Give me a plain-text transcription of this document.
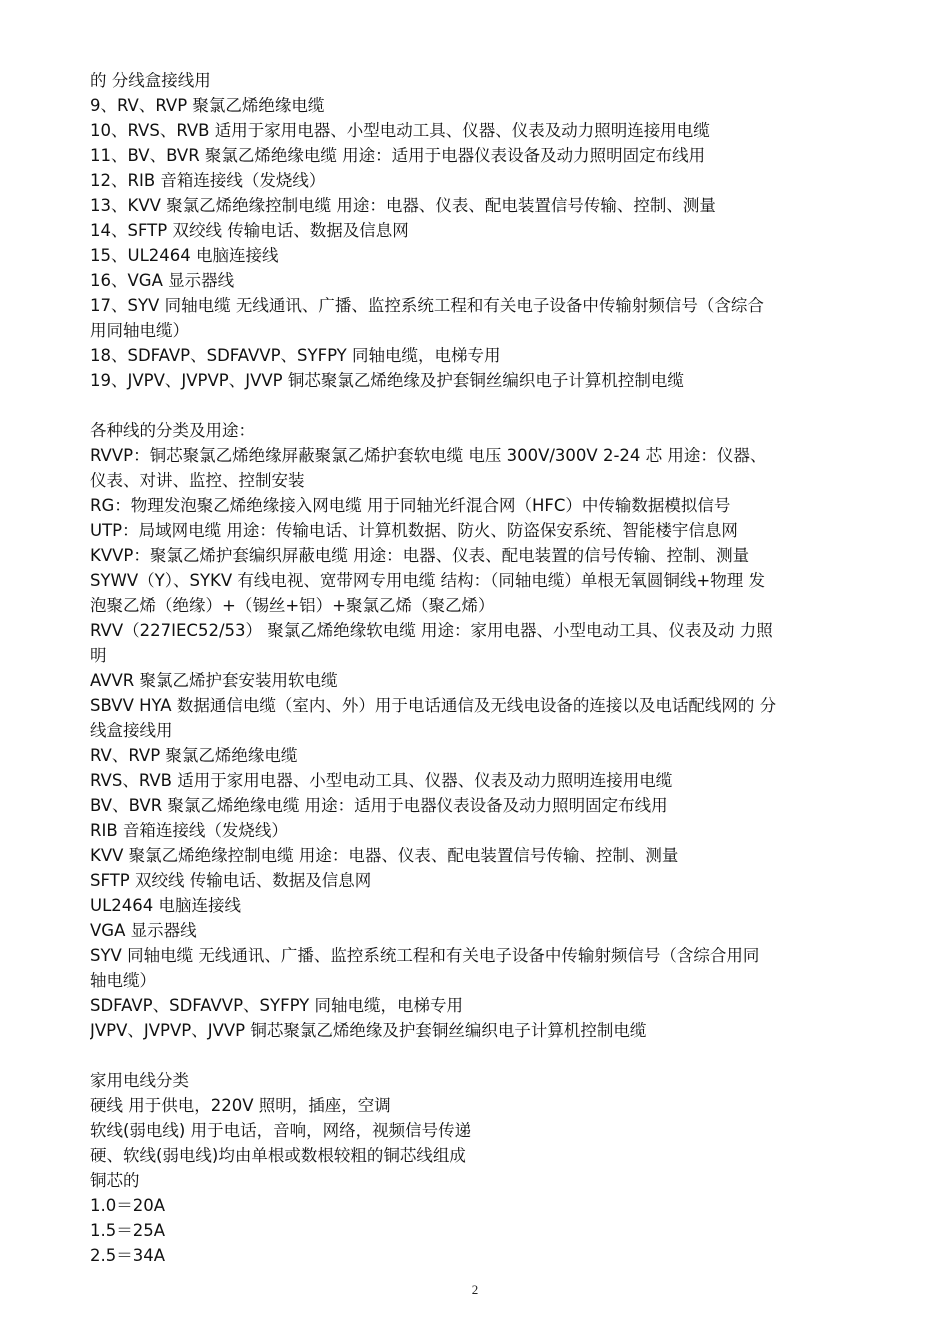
的 分线盒接线用
9、RV、RVP 聚氯乙烯绝缘电缆
10、RVS、RVB 适用于家用电器、小型电动工具、仪器、仪表及动力照明连接用电缆
11、BV、BVR 聚氯乙烯绝缘电缆 用途：适用于电器仪表设备及动力照明固定布线用
12、RIB 音箱连接线（发烧线）
13、KVV 聚氯乙烯绝缘控制电缆 用途：电器、仪表、配电装置信号传输、控制、测量
14、SFTP 双绞线 传输电话、数据及信息网
15、UL2464 电脑连接线
16、VGA 显示器线
17、SYV 同轴电缆 无线通讯、广播、监控系统工程和有关电子设备中传输射频信号（含综合
用同轴电缆）
18、SDFAVP、SDFAVVP、SYFPY 同轴电缆，电梯专用
19、JVPV、JVPVP、JVVP 铜芯聚氯乙烯绝缘及护套铜丝编织电子计算机控制电缆
各种线的分类及用途：
RVVP：铜芯聚氯乙烯绝缘屏蔽聚氯乙烯护套软电缆 电压 300V/300V 2-24 芯 用途：仪器、
仪表、对讲、监控、控制安装
RG：物理发泡聚乙烯绝缘接入网电缆 用于同轴光纤混合网（HFC）中传输数据模拟信号
UTP：局域网电缆 用途：传输电话、计算机数据、防火、防盗保安系统、智能楼宇信息网
KVVP：聚氯乙烯护套编织屏蔽电缆 用途：电器、仪表、配电装置的信号传输、控制、测量
SYWV（Y）、SYKV 有线电视、宽带网专用电缆 结构：（同轴电缆）单根无氧圆铜线+物理 发
泡聚乙烯（绝缘）+（锡丝+铝）+聚氯乙烯（聚乙烯）
RVV（227IEC52/53） 聚氯乙烯绝缘软电缆 用途：家用电器、小型电动工具、仪表及动 力照
明
AVVR 聚氯乙烯护套安装用软电缆
SBVV HYA 数据通信电缆（室内、外）用于电话通信及无线电设备的连接以及电话配线网的 分
线盒接线用
RV、RVP 聚氯乙烯绝缘电缆
RVS、RVB 适用于家用电器、小型电动工具、仪器、仪表及动力照明连接用电缆
BV、BVR 聚氯乙烯绝缘电缆 用途：适用于电器仪表设备及动力照明固定布线用
RIB 音箱连接线（发烧线）
KVV 聚氯乙烯绝缘控制电缆 用途：电器、仪表、配电装置信号传输、控制、测量
SFTP 双绞线 传输电话、数据及信息网
UL2464 电脑连接线
VGA 显示器线
SYV 同轴电缆 无线通讯、广播、监控系统工程和有关电子设备中传输射频信号（含综合用同
轴电缆）
SDFAVP、SDFAVVP、SYFPY 同轴电缆，电梯专用
JVPV、JVPVP、JVVP 铜芯聚氯乙烯绝缘及护套铜丝编织电子计算机控制电缆
家用电线分类
硬线 用于供电，220V 照明，插座，空调
软线(弱电线) 用于电话，音响，网络，视频信号传递
硬、软线(弱电线)均由单根或数根较粗的铜芯线组成
铜芯的
1.0＝20A
1.5＝25A
2.5＝34A
2
